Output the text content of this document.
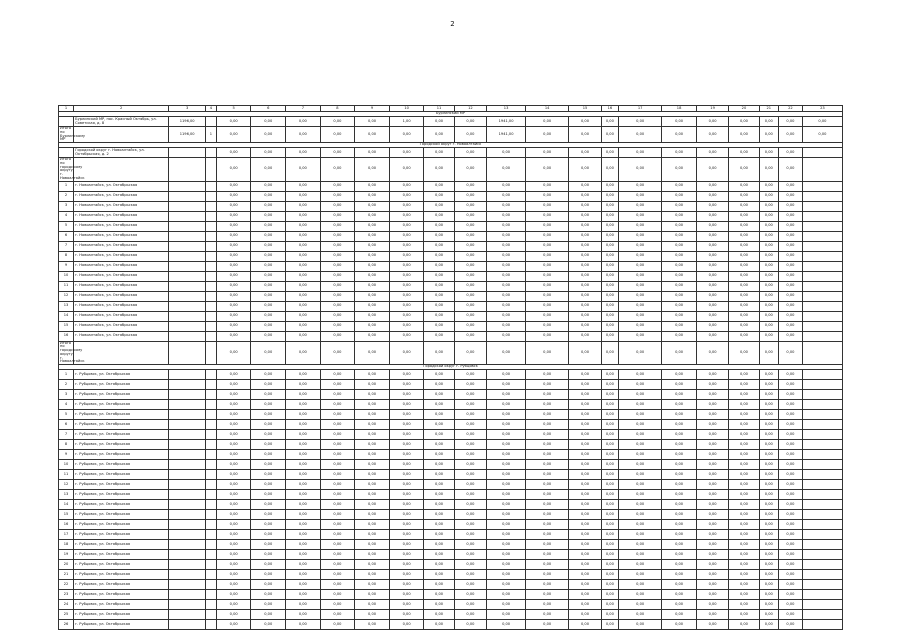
2
1	2	3	4	5	6	7	8	9	10	11	12	13	14	15	16	17	18	19	20	21	22	23
Бурлинский МР																						
	Бурлинский МР, пос. Красный Октябрь, ул. Советская, д. 8	1196,00		0,00	0,00	0,00	0,00	0,00	1,00	0,00	0,00	1941,00	0,00	0,00	0,00	0,00	0,00	0,00	0,00	0,00	0,00	0,00
Итого по Бурлинскому МР		1196,00	1	0,00	0,00	0,00	0,00	0,00	0,00	0,00	0,00	1941,00	0,00	0,00	0,00	0,00	0,00	0,00	0,00	0,00	0,00	0,00
Городской округ г. Новоалтайск																						
	Городской округ г. Новоалтайск, ул. Октябрьская, д. 2			0,00	0,00	0,00	0,00	0,00	0,00	0,00	0,00	0,00	0,00	0,00	0,00	0,00	0,00	0,00	0,00	0,00	0,00	
Итого по городскому округу г. Новоалтайск				0,00	0,00	0,00	0,00	0,00	0,00	0,00	0,00	0,00	0,00	0,00	0,00	0,00	0,00	0,00	0,00	0,00	0,00	
1	г. Новоалтайск, ул. Октябрьская			0,00	0,00	0,00	0,00	0,00	0,00	0,00	0,00	0,00	0,00	0,00	0,00	0,00	0,00	0,00	0,00	0,00	0,00	
2	г. Новоалтайск, ул. Октябрьская			0,00	0,00	0,00	0,00	0,00	0,00	0,00	0,00	0,00	0,00	0,00	0,00	0,00	0,00	0,00	0,00	0,00	0,00	
3	г. Новоалтайск, ул. Октябрьская			0,00	0,00	0,00	0,00	0,00	0,00	0,00	0,00	0,00	0,00	0,00	0,00	0,00	0,00	0,00	0,00	0,00	0,00	
4	г. Новоалтайск, ул. Октябрьская			0,00	0,00	0,00	0,00	0,00	0,00	0,00	0,00	0,00	0,00	0,00	0,00	0,00	0,00	0,00	0,00	0,00	0,00	
5	г. Новоалтайск, ул. Октябрьская			0,00	0,00	0,00	0,00	0,00	0,00	0,00	0,00	0,00	0,00	0,00	0,00	0,00	0,00	0,00	0,00	0,00	0,00	
6	г. Новоалтайск, ул. Октябрьская			0,00	0,00	0,00	0,00	0,00	0,00	0,00	0,00	0,00	0,00	0,00	0,00	0,00	0,00	0,00	0,00	0,00	0,00	
7	г. Новоалтайск, ул. Октябрьская			0,00	0,00	0,00	0,00	0,00	0,00	0,00	0,00	0,00	0,00	0,00	0,00	0,00	0,00	0,00	0,00	0,00	0,00	
8	г. Новоалтайск, ул. Октябрьская			0,00	0,00	0,00	0,00	0,00	0,00	0,00	0,00	0,00	0,00	0,00	0,00	0,00	0,00	0,00	0,00	0,00	0,00	
9	г. Новоалтайск, ул. Октябрьская			0,00	0,00	0,00	0,00	0,00	0,00	0,00	0,00	0,00	0,00	0,00	0,00	0,00	0,00	0,00	0,00	0,00	0,00	
10	г. Новоалтайск, ул. Октябрьская			0,00	0,00	0,00	0,00	0,00	0,00	0,00	0,00	0,00	0,00	0,00	0,00	0,00	0,00	0,00	0,00	0,00	0,00	
11	г. Новоалтайск, ул. Октябрьская			0,00	0,00	0,00	0,00	0,00	0,00	0,00	0,00	0,00	0,00	0,00	0,00	0,00	0,00	0,00	0,00	0,00	0,00	
12	г. Новоалтайск, ул. Октябрьская			0,00	0,00	0,00	0,00	0,00	0,00	0,00	0,00	0,00	0,00	0,00	0,00	0,00	0,00	0,00	0,00	0,00	0,00	
13	г. Новоалтайск, ул. Октябрьская			0,00	0,00	0,00	0,00	0,00	0,00	0,00	0,00	0,00	0,00	0,00	0,00	0,00	0,00	0,00	0,00	0,00	0,00	
14	г. Новоалтайск, ул. Октябрьская			0,00	0,00	0,00	0,00	0,00	0,00	0,00	0,00	0,00	0,00	0,00	0,00	0,00	0,00	0,00	0,00	0,00	0,00	
15	г. Новоалтайск, ул. Октябрьская			0,00	0,00	0,00	0,00	0,00	0,00	0,00	0,00	0,00	0,00	0,00	0,00	0,00	0,00	0,00	0,00	0,00	0,00	
16	г. Новоалтайск, ул. Октябрьская			0,00	0,00	0,00	0,00	0,00	0,00	0,00	0,00	0,00	0,00	0,00	0,00	0,00	0,00	0,00	0,00	0,00	0,00	
Итого по городскому округу г. Новоалтайск				0,00	0,00	0,00	0,00	0,00	0,00	0,00	0,00	0,00	0,00	0,00	0,00	0,00	0,00	0,00	0,00	0,00	0,00	
Городской округ г. Рубцовск																						
1	г. Рубцовск, ул. Октябрьская			0,00	0,00	0,00	0,00	0,00	0,00	0,00	0,00	0,00	0,00	0,00	0,00	0,00	0,00	0,00	0,00	0,00	0,00	
2	г. Рубцовск, ул. Октябрьская			0,00	0,00	0,00	0,00	0,00	0,00	0,00	0,00	0,00	0,00	0,00	0,00	0,00	0,00	0,00	0,00	0,00	0,00	
3	г. Рубцовск, ул. Октябрьская			0,00	0,00	0,00	0,00	0,00	0,00	0,00	0,00	0,00	0,00	0,00	0,00	0,00	0,00	0,00	0,00	0,00	0,00	
4	г. Рубцовск, ул. Октябрьская			0,00	0,00	0,00	0,00	0,00	0,00	0,00	0,00	0,00	0,00	0,00	0,00	0,00	0,00	0,00	0,00	0,00	0,00	
5	г. Рубцовск, ул. Октябрьская			0,00	0,00	0,00	0,00	0,00	0,00	0,00	0,00	0,00	0,00	0,00	0,00	0,00	0,00	0,00	0,00	0,00	0,00	
6	г. Рубцовск, ул. Октябрьская			0,00	0,00	0,00	0,00	0,00	0,00	0,00	0,00	0,00	0,00	0,00	0,00	0,00	0,00	0,00	0,00	0,00	0,00	
7	г. Рубцовск, ул. Октябрьская			0,00	0,00	0,00	0,00	0,00	0,00	0,00	0,00	0,00	0,00	0,00	0,00	0,00	0,00	0,00	0,00	0,00	0,00	
8	г. Рубцовск, ул. Октябрьская			0,00	0,00	0,00	0,00	0,00	0,00	0,00	0,00	0,00	0,00	0,00	0,00	0,00	0,00	0,00	0,00	0,00	0,00	
9	г. Рубцовск, ул. Октябрьская			0,00	0,00	0,00	0,00	0,00	0,00	0,00	0,00	0,00	0,00	0,00	0,00	0,00	0,00	0,00	0,00	0,00	0,00	
10	г. Рубцовск, ул. Октябрьская			0,00	0,00	0,00	0,00	0,00	0,00	0,00	0,00	0,00	0,00	0,00	0,00	0,00	0,00	0,00	0,00	0,00	0,00	
11	г. Рубцовск, ул. Октябрьская			0,00	0,00	0,00	0,00	0,00	0,00	0,00	0,00	0,00	0,00	0,00	0,00	0,00	0,00	0,00	0,00	0,00	0,00	
12	г. Рубцовск, ул. Октябрьская			0,00	0,00	0,00	0,00	0,00	0,00	0,00	0,00	0,00	0,00	0,00	0,00	0,00	0,00	0,00	0,00	0,00	0,00	
13	г. Рубцовск, ул. Октябрьская			0,00	0,00	0,00	0,00	0,00	0,00	0,00	0,00	0,00	0,00	0,00	0,00	0,00	0,00	0,00	0,00	0,00	0,00	
14	г. Рубцовск, ул. Октябрьская			0,00	0,00	0,00	0,00	0,00	0,00	0,00	0,00	0,00	0,00	0,00	0,00	0,00	0,00	0,00	0,00	0,00	0,00	
15	г. Рубцовск, ул. Октябрьская			0,00	0,00	0,00	0,00	0,00	0,00	0,00	0,00	0,00	0,00	0,00	0,00	0,00	0,00	0,00	0,00	0,00	0,00	
16	г. Рубцовск, ул. Октябрьская			0,00	0,00	0,00	0,00	0,00	0,00	0,00	0,00	0,00	0,00	0,00	0,00	0,00	0,00	0,00	0,00	0,00	0,00	
17	г. Рубцовск, ул. Октябрьская			0,00	0,00	0,00	0,00	0,00	0,00	0,00	0,00	0,00	0,00	0,00	0,00	0,00	0,00	0,00	0,00	0,00	0,00	
18	г. Рубцовск, ул. Октябрьская			0,00	0,00	0,00	0,00	0,00	0,00	0,00	0,00	0,00	0,00	0,00	0,00	0,00	0,00	0,00	0,00	0,00	0,00	
19	г. Рубцовск, ул. Октябрьская			0,00	0,00	0,00	0,00	0,00	0,00	0,00	0,00	0,00	0,00	0,00	0,00	0,00	0,00	0,00	0,00	0,00	0,00	
20	г. Рубцовск, ул. Октябрьская			0,00	0,00	0,00	0,00	0,00	0,00	0,00	0,00	0,00	0,00	0,00	0,00	0,00	0,00	0,00	0,00	0,00	0,00	
21	г. Рубцовск, ул. Октябрьская			0,00	0,00	0,00	0,00	0,00	0,00	0,00	0,00	0,00	0,00	0,00	0,00	0,00	0,00	0,00	0,00	0,00	0,00	
22	г. Рубцовск, ул. Октябрьская			0,00	0,00	0,00	0,00	0,00	0,00	0,00	0,00	0,00	0,00	0,00	0,00	0,00	0,00	0,00	0,00	0,00	0,00	
23	г. Рубцовск, ул. Октябрьская			0,00	0,00	0,00	0,00	0,00	0,00	0,00	0,00	0,00	0,00	0,00	0,00	0,00	0,00	0,00	0,00	0,00	0,00	
24	г. Рубцовск, ул. Октябрьская			0,00	0,00	0,00	0,00	0,00	0,00	0,00	0,00	0,00	0,00	0,00	0,00	0,00	0,00	0,00	0,00	0,00	0,00	
25	г. Рубцовск, ул. Октябрьская			0,00	0,00	0,00	0,00	0,00	0,00	0,00	0,00	0,00	0,00	0,00	0,00	0,00	0,00	0,00	0,00	0,00	0,00	
26	г. Рубцовск, ул. Октябрьская			0,00	0,00	0,00	0,00	0,00	0,00	0,00	0,00	0,00	0,00	0,00	0,00	0,00	0,00	0,00	0,00	0,00	0,00	
